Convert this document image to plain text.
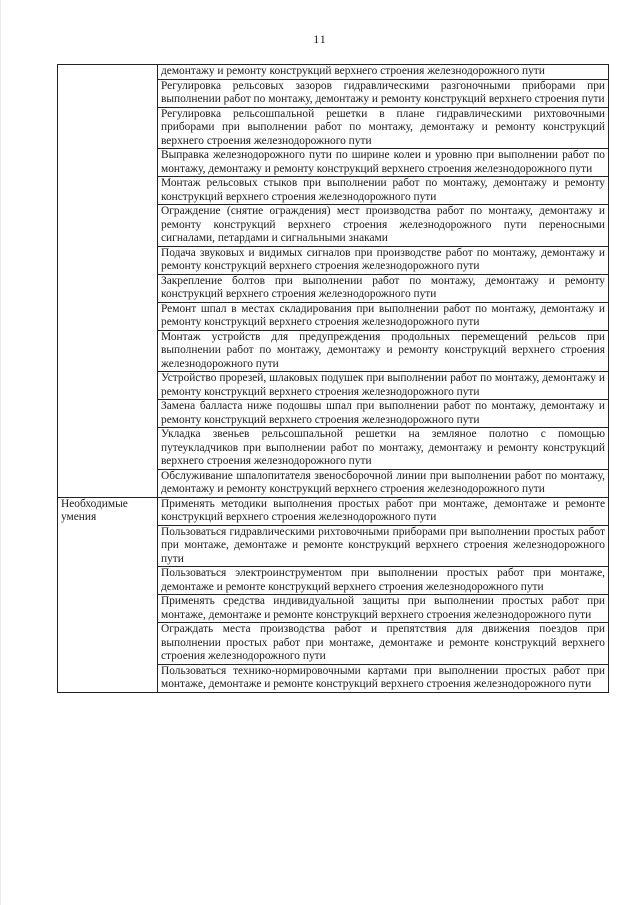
11
	демонтажу и ремонту конструкций верхнего строения железнодорожного пути
	Регулировка рельсовых зазоров гидравлическими разгоночными приборами при выполнении работ по монтажу, демонтажу и ремонту конструкций верхнего строения пути
	Регулировка рельсошпальной решетки в плане гидравлическими рихтовочными приборами при выполнении работ по монтажу, демонтажу и ремонту конструкций верхнего строения железнодорожного пути
	Выправка железнодорожного пути по ширине колеи и уровню при выполнении работ по монтажу, демонтажу и ремонту конструкций верхнего строения железнодорожного пути
	Монтаж рельсовых стыков при выполнении работ по монтажу, демонтажу и ремонту конструкций верхнего строения железнодорожного пути
	Ограждение (снятие ограждения) мест производства работ по монтажу, демонтажу и ремонту конструкций верхнего строения железнодорожного пути переносными сигналами, петардами и сигнальными знаками
	Подача звуковых и видимых сигналов при производстве работ по монтажу, демонтажу и ремонту конструкций верхнего строения железнодорожного пути
	Закрепление болтов при выполнении работ по монтажу, демонтажу и ремонту конструкций верхнего строения железнодорожного пути
	Ремонт шпал в местах складирования при выполнении работ по монтажу, демонтажу и ремонту конструкций верхнего строения железнодорожного пути
	Монтаж устройств для предупреждения продольных перемещений рельсов при выполнении работ по монтажу, демонтажу и ремонту конструкций верхнего строения железнодорожного пути
	Устройство прорезей, шлаковых подушек при выполнении работ по монтажу, демонтажу и ремонту конструкций верхнего строения железнодорожного пути
	Замена балласта ниже подошвы шпал при выполнении работ по монтажу, демонтажу и ремонту конструкций верхнего строения железнодорожного пути
	Укладка звеньев рельсошпальной решетки на земляное полотно с помощью путеукладчиков при выполнении работ по монтажу, демонтажу и ремонту конструкций верхнего строения железнодорожного пути
	Обслуживание шпалопитателя звеносборочной линии при выполнении работ по монтажу, демонтажу и ремонту конструкций верхнего строения железнодорожного пути
Необходимые умения	Применять методики выполнения простых работ при монтаже, демонтаже и ремонте конструкций верхнего строения железнодорожного пути
	Пользоваться гидравлическими рихтовочными приборами при выполнении простых работ при монтаже, демонтаже и ремонте конструкций верхнего строения железнодорожного пути
	Пользоваться электроинструментом при выполнении простых работ при монтаже, демонтаже и ремонте конструкций верхнего строения железнодорожного пути
	Применять средства индивидуальной защиты при выполнении простых работ при монтаже, демонтаже и ремонте конструкций верхнего строения железнодорожного пути
	Ограждать места производства работ и препятствия для движения поездов при выполнении простых работ при монтаже, демонтаже и ремонте конструкций верхнего строения железнодорожного пути
	Пользоваться технико-нормировочными картами при выполнении простых работ при монтаже, демонтаже и ремонте конструкций верхнего строения железнодорожного пути
